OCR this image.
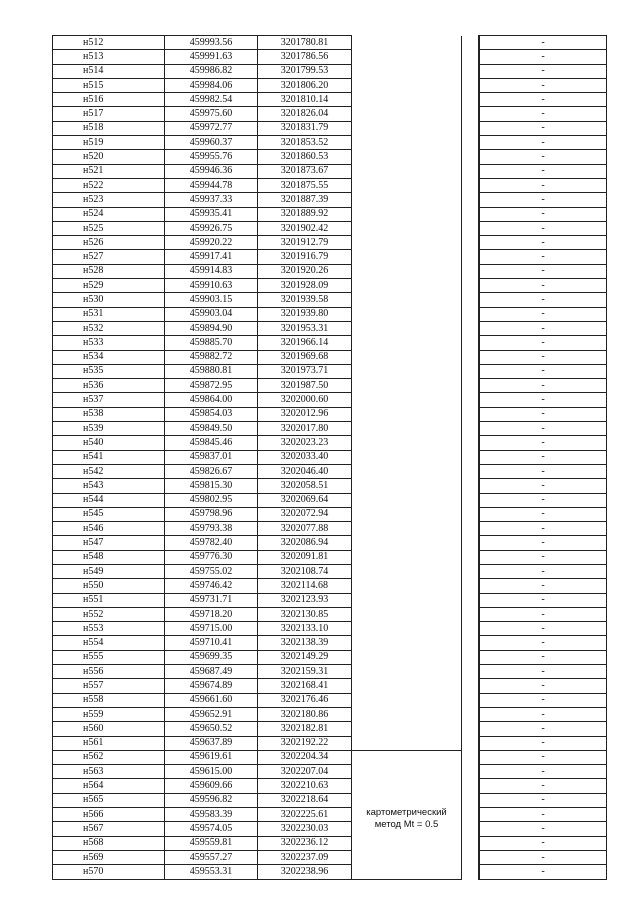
н512	459993.56	3201780.81			-
н513	459991.63	3201786.56			-
н514	459986.82	3201799.53			-
н515	459984.06	3201806.20			-
н516	459982.54	3201810.14			-
н517	459975.60	3201826.04			-
н518	459972.77	3201831.79			-
н519	459960.37	3201853.52			-
н520	459955.76	3201860.53			-
н521	459946.36	3201873.67			-
н522	459944.78	3201875.55			-
н523	459937.33	3201887.39			-
н524	459935.41	3201889.92			-
н525	459926.75	3201902.42			-
н526	459920.22	3201912.79			-
н527	459917.41	3201916.79			-
н528	459914.83	3201920.26			-
н529	459910.63	3201928.09			-
н530	459903.15	3201939.58			-
н531	459903.04	3201939.80			-
н532	459894.90	3201953.31			-
н533	459885.70	3201966.14			-
н534	459882.72	3201969.68			-
н535	459880.81	3201973.71			-
н536	459872.95	3201987.50			-
н537	459864.00	3202000.60			-
н538	459854.03	3202012.96			-
н539	459849.50	3202017.80			-
н540	459845.46	3202023.23			-
н541	459837.01	3202033.40			-
н542	459826.67	3202046.40			-
н543	459815.30	3202058.51			-
н544	459802.95	3202069.64			-
н545	459798.96	3202072.94			-
н546	459793.38	3202077.88			-
н547	459782.40	3202086.94			-
н548	459776.30	3202091.81			-
н549	459755.02	3202108.74			-
н550	459746.42	3202114.68			-
н551	459731.71	3202123.93			-
н552	459718.20	3202130.85			-
н553	459715.00	3202133.10			-
н554	459710.41	3202138.39			-
н555	459699.35	3202149.29			-
н556	459687.49	3202159.31			-
н557	459674.89	3202168.41			-
н558	459661.60	3202176.46			-
н559	459652.91	3202180.86			-
н560	459650.52	3202182.81			-
н561	459637.89	3202192.22			-
н562	459619.61	3202204.34	картометрический
метод Mt = 0.5		-
н563	459615.00	3202207.04			-
н564	459609.66	3202210.63			-
н565	459596.82	3202218.64			-
н566	459583.39	3202225.61			-
н567	459574.05	3202230.03			-
н568	459559.81	3202236.12			-
н569	459557.27	3202237.09			-
н570	459553.31	3202238.96			-
